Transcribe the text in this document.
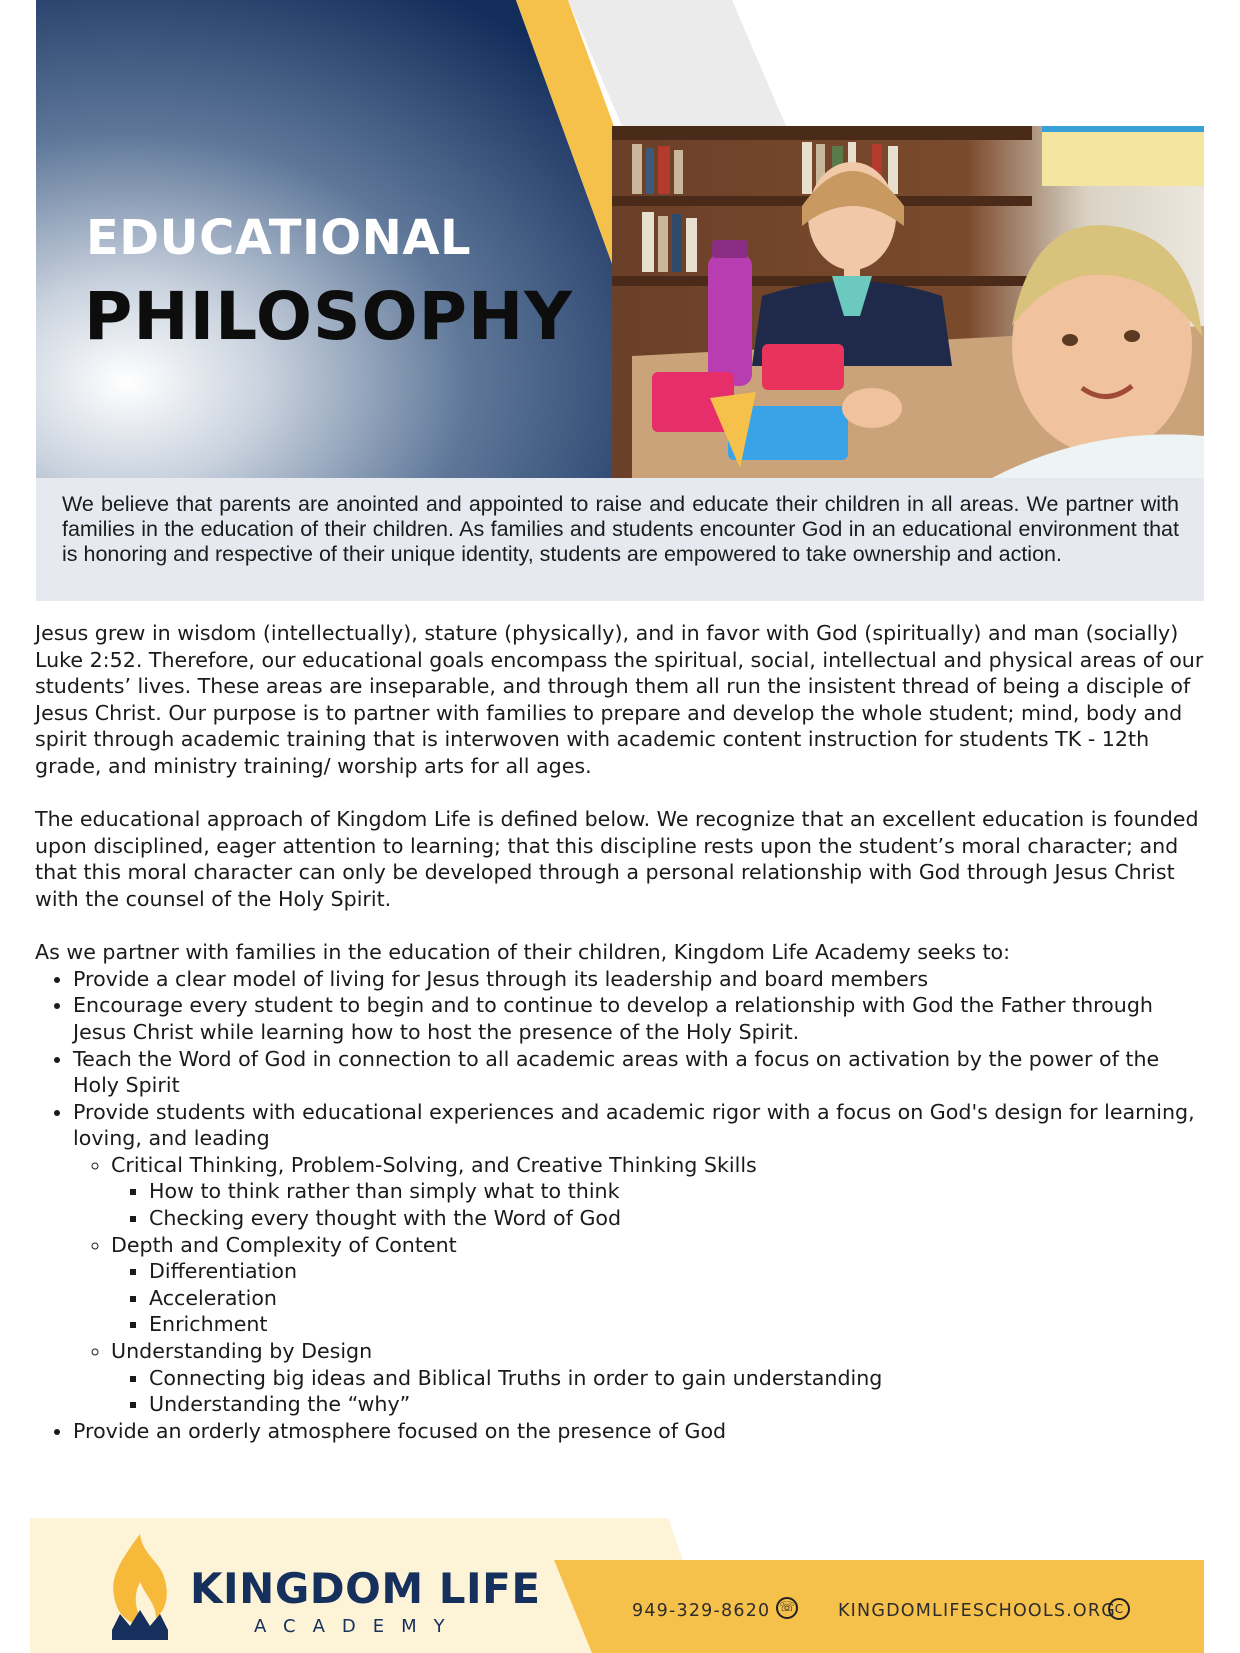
EDUCATIONAL
PHILOSOPHY

We believe that parents are anointed and appointed to raise and educate their children in all areas. We partner with families in the education of their children. As families and students encounter God in an educational environment that is honoring and respective of their unique identity, students are empowered to take ownership and action.

Jesus grew in wisdom (intellectually), stature (physically), and in favor with God (spiritually) and man (socially) Luke 2:52. Therefore, our educational goals encompass the spiritual, social, intellectual and physical areas of our students’ lives. These areas are inseparable, and through them all run the insistent thread of being a disciple of Jesus Christ. Our purpose is to partner with families to prepare and develop the whole student; mind, body and spirit through academic training that is interwoven with academic content instruction for students TK - 12th grade, and ministry training/ worship arts for all ages.

The educational approach of Kingdom Life is defined below. We recognize that an excellent education is founded upon disciplined, eager attention to learning; that this discipline rests upon the student’s moral character; and that this moral character can only be developed through a personal relationship with God through Jesus Christ with the counsel of the Holy Spirit.

As we partner with families in the education of their children, Kingdom Life Academy seeks to:

• Provide a clear model of living for Jesus through its leadership and board members
• Encourage every student to begin and to continue to develop a relationship with God the Father through Jesus Christ while learning how to host the presence of the Holy Spirit.
• Teach the Word of God in connection to all academic areas with a focus on activation by the power of the Holy Spirit
• Provide students with educational experiences and academic rigor with a focus on God's design for learning, loving, and leading
◦ Critical Thinking, Problem-Solving, and Creative Thinking Skills
▪ How to think rather than simply what to think
▪ Checking every thought with the Word of God
◦ Depth and Complexity of Content
▪ Differentiation
▪ Acceleration
▪ Enrichment
◦ Understanding by Design
▪ Connecting big ideas and Biblical Truths in order to gain understanding
▪ Understanding the “why”
• Provide an orderly atmosphere focused on the presence of God
KINGDOM LIFE
ACADEMY
949-329-8620 ☏ KINGDOMLIFESCHOOLS.ORG
C
